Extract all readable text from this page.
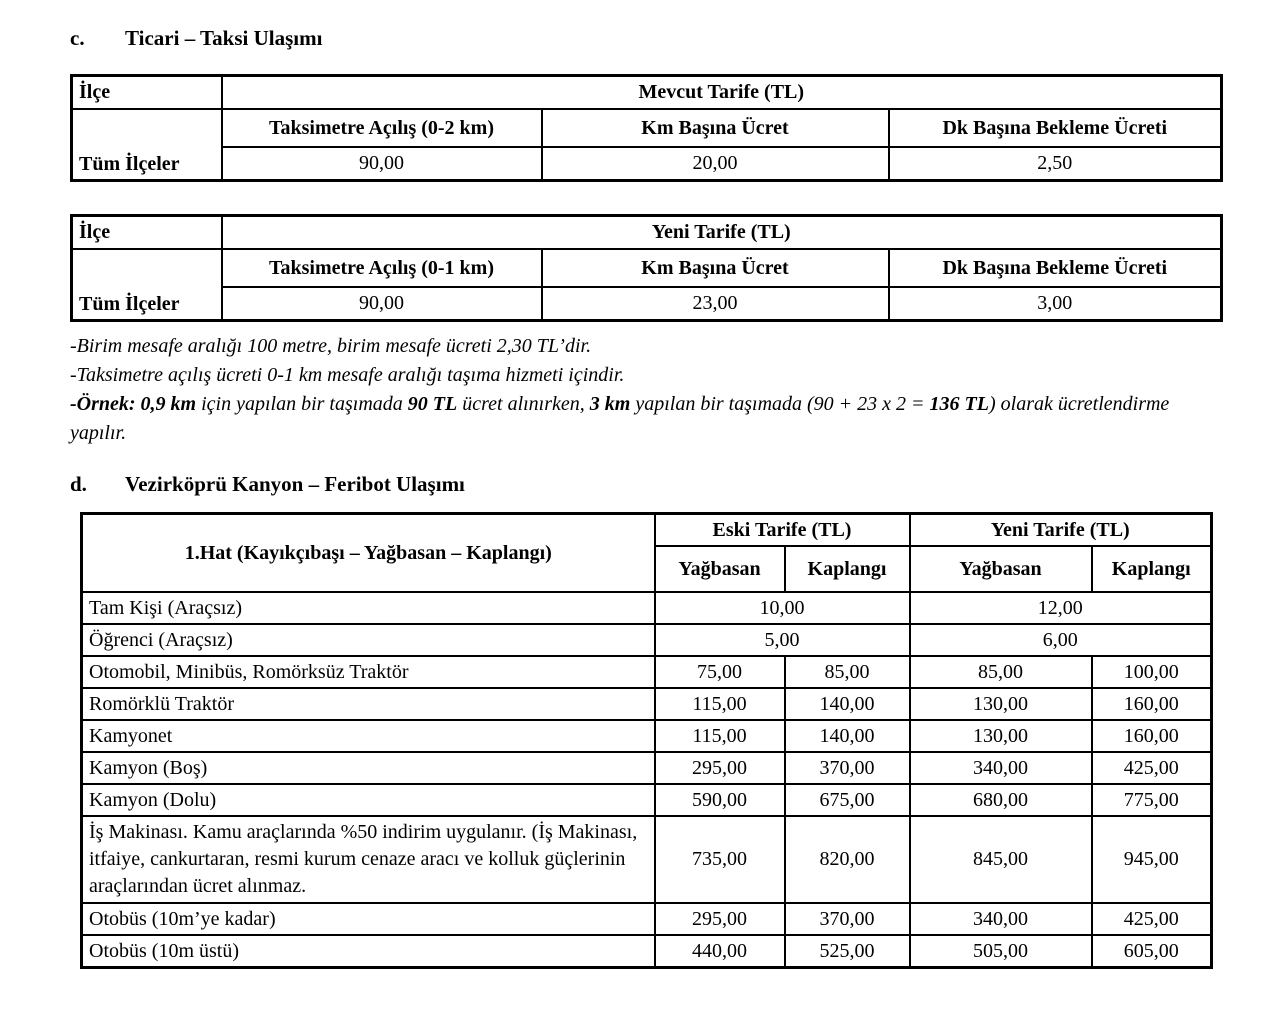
c.	Ticari – Taksi Ulaşımı
İlçe	Mevcut Tarife (TL)		
Tüm İlçeler	Taksimetre Açılış (0-2 km)	Km Başına Ücret	Dk Başına Bekleme Ücreti
	90,00	20,00	2,50
İlçe	Yeni Tarife (TL)		
Tüm İlçeler	Taksimetre Açılış (0-1 km)	Km Başına Ücret	Dk Başına Bekleme Ücreti
	90,00	23,00	3,00
-Birim mesafe aralığı 100 metre, birim mesafe ücreti 2,30 TL’dir.
-Taksimetre açılış ücreti 0-1 km mesafe aralığı taşıma hizmeti içindir.
-Örnek: 0,9 km için yapılan bir taşımada 90 TL ücret alınırken, 3 km yapılan bir taşımada (90 + 23 x 2 = 136 TL) olarak ücretlendirme yapılır.
d.	Vezirköprü Kanyon – Feribot Ulaşımı
1.Hat (Kayıkçıbaşı – Yağbasan – Kaplangı)	Eski Tarife (TL)		Yeni Tarife (TL)	
	Yağbasan	Kaplangı	Yağbasan	Kaplangı
Tam Kişi (Araçsız)	10,00		12,00	
Öğrenci (Araçsız)	5,00		6,00	
Otomobil, Minibüs, Romörksüz Traktör	75,00	85,00	85,00	100,00
Romörklü Traktör	115,00	140,00	130,00	160,00
Kamyonet	115,00	140,00	130,00	160,00
Kamyon (Boş)	295,00	370,00	340,00	425,00
Kamyon (Dolu)	590,00	675,00	680,00	775,00
İş Makinası. Kamu araçlarında %50 indirim uygulanır. (İş Makinası, itfaiye, cankurtaran, resmi kurum cenaze aracı ve kolluk güçlerinin araçlarından ücret alınmaz.	735,00	820,00	845,00	945,00
Otobüs (10m’ye kadar)	295,00	370,00	340,00	425,00
Otobüs (10m üstü)	440,00	525,00	505,00	605,00
